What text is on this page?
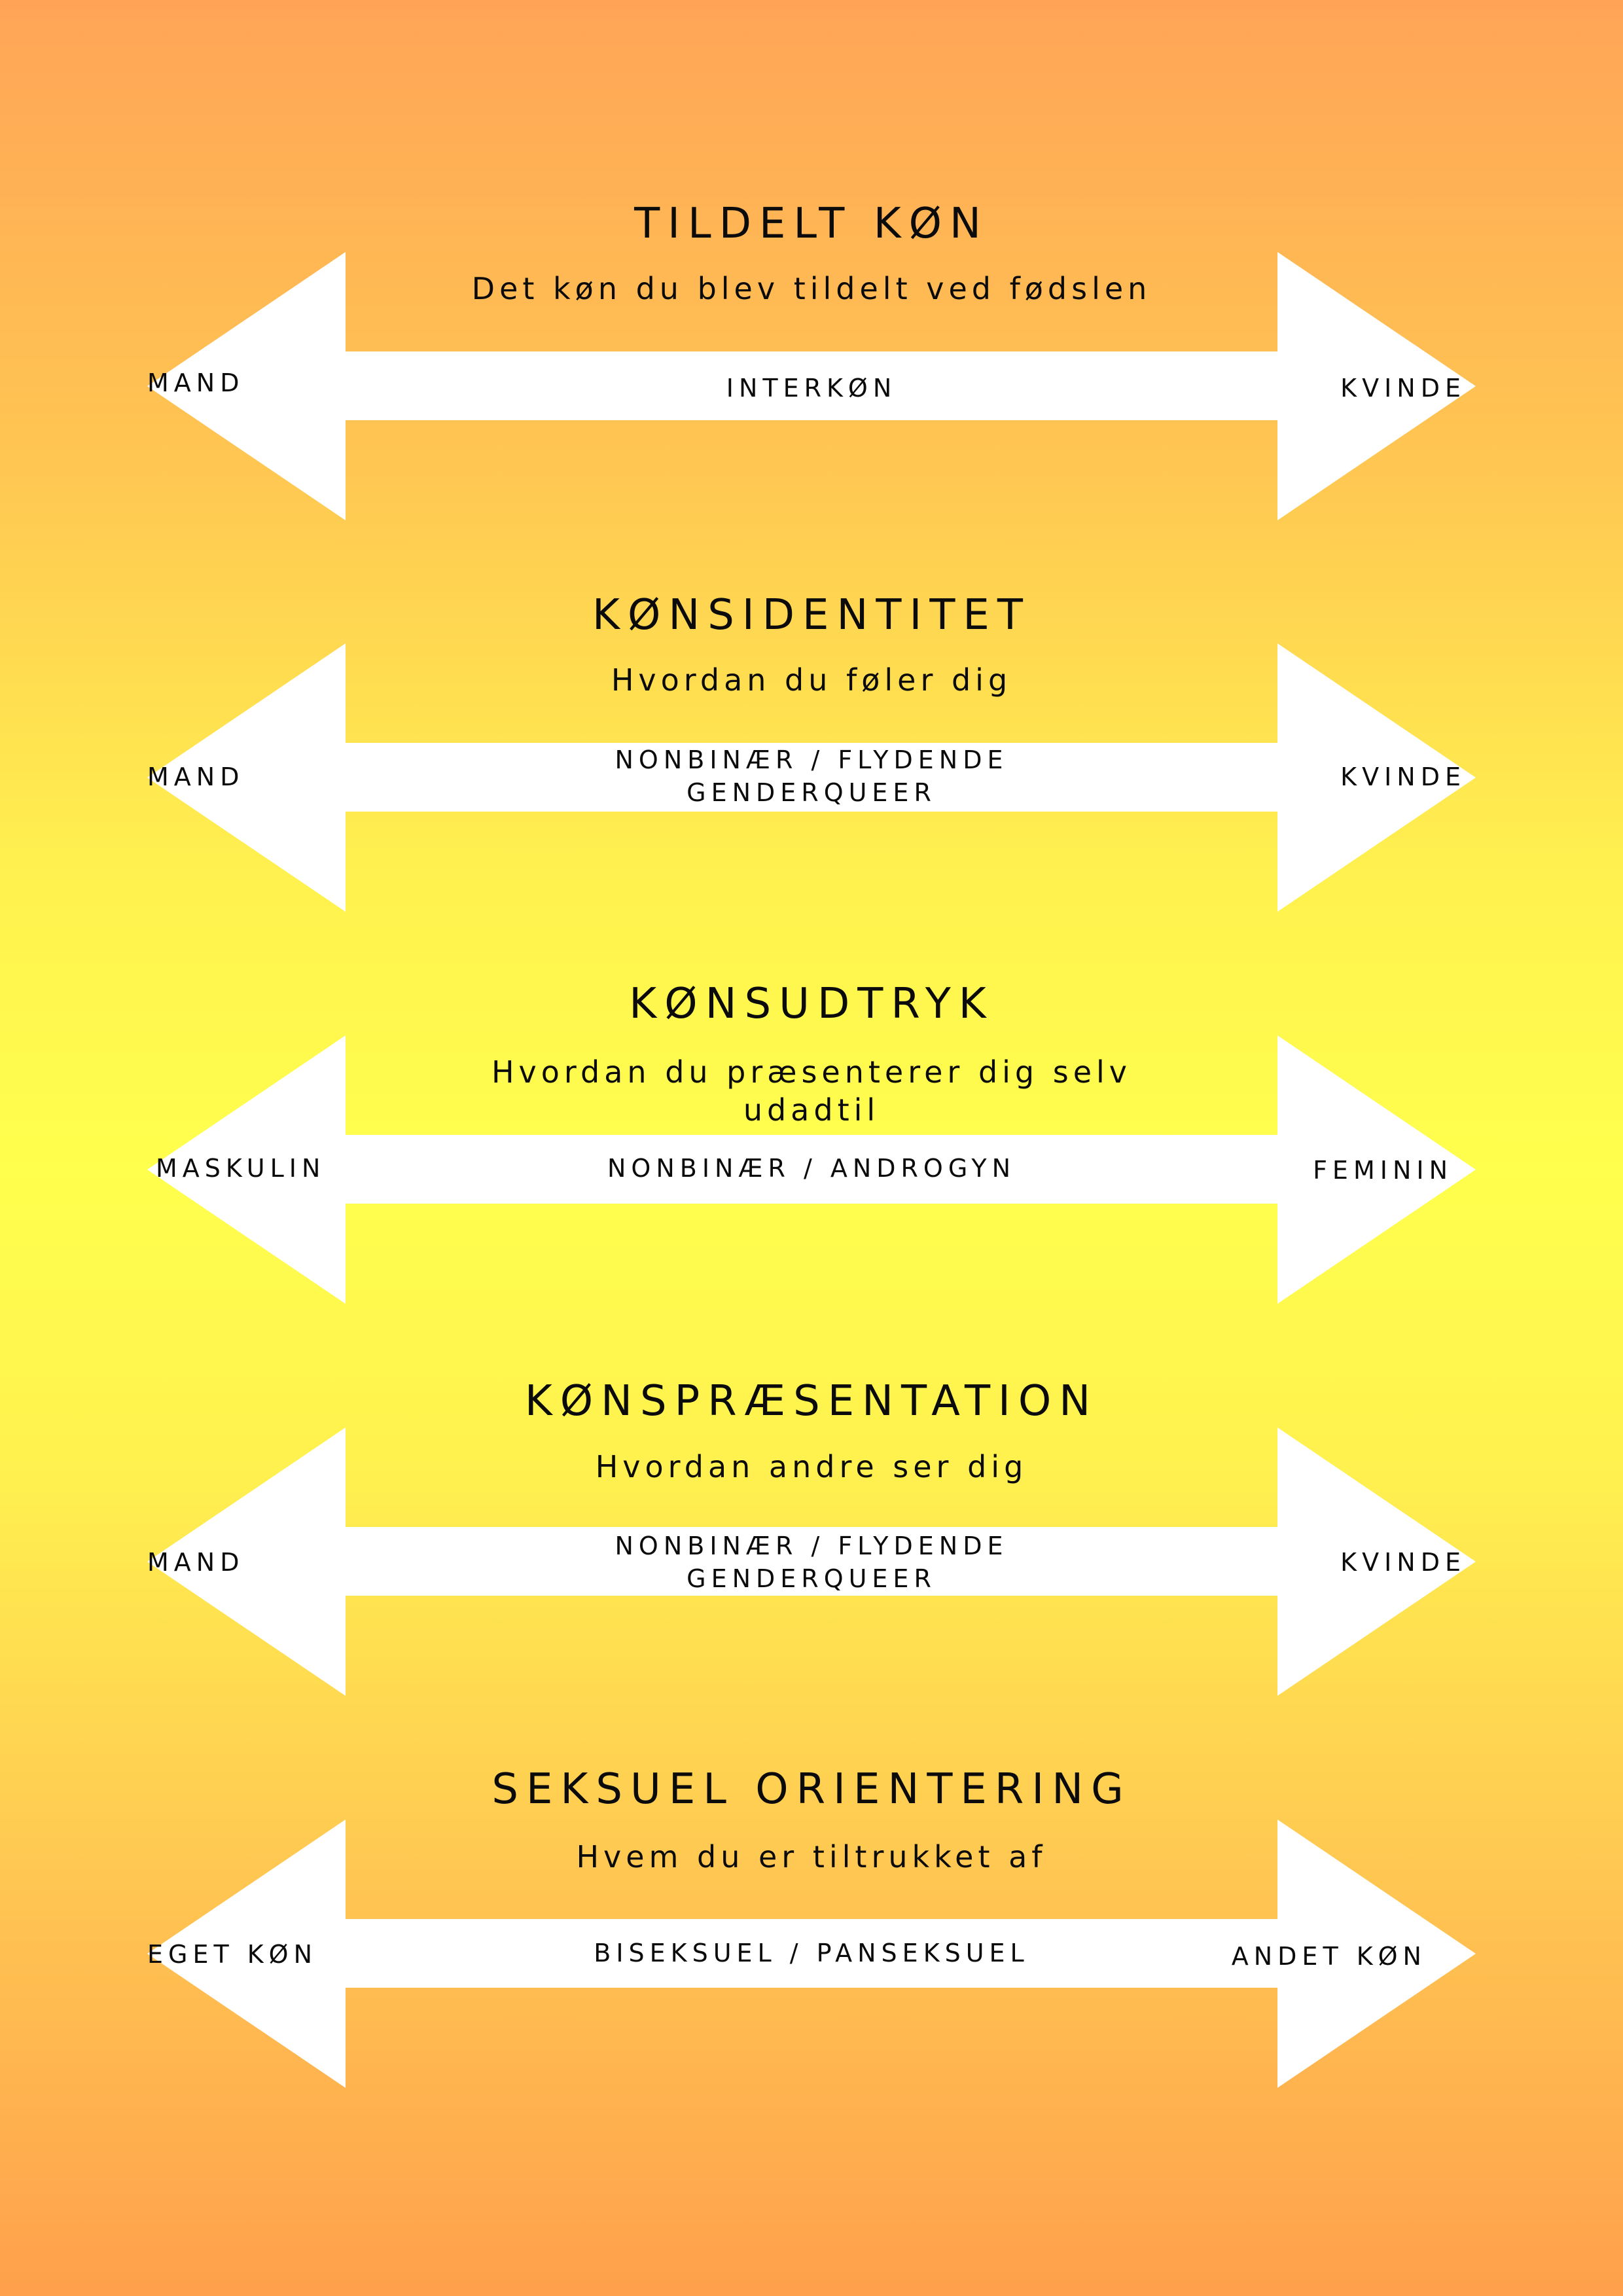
TILDELT KØN
Det køn du blev tildelt ved fødslen
MAND	INTERKØN	KVINDE
KØNSIDENTITET
Hvordan du føler dig
MAND
NONBINÆR / FLYDENDE
GENDERQUEER
KVINDE
KØNSUDTRYK
Hvordan du præsenterer dig selv
udadtil
MASKULIN	NONBINÆR / ANDROGYN	FEMININ
KØNSPRÆSENTATION
Hvordan andre ser dig
MAND
NONBINÆR / FLYDENDE
GENDERQUEER
KVINDE
SEKSUEL ORIENTERING
Hvem du er tiltrukket af
EGET KØN	BISEKSUEL / PANSEKSUEL	ANDET KØN
